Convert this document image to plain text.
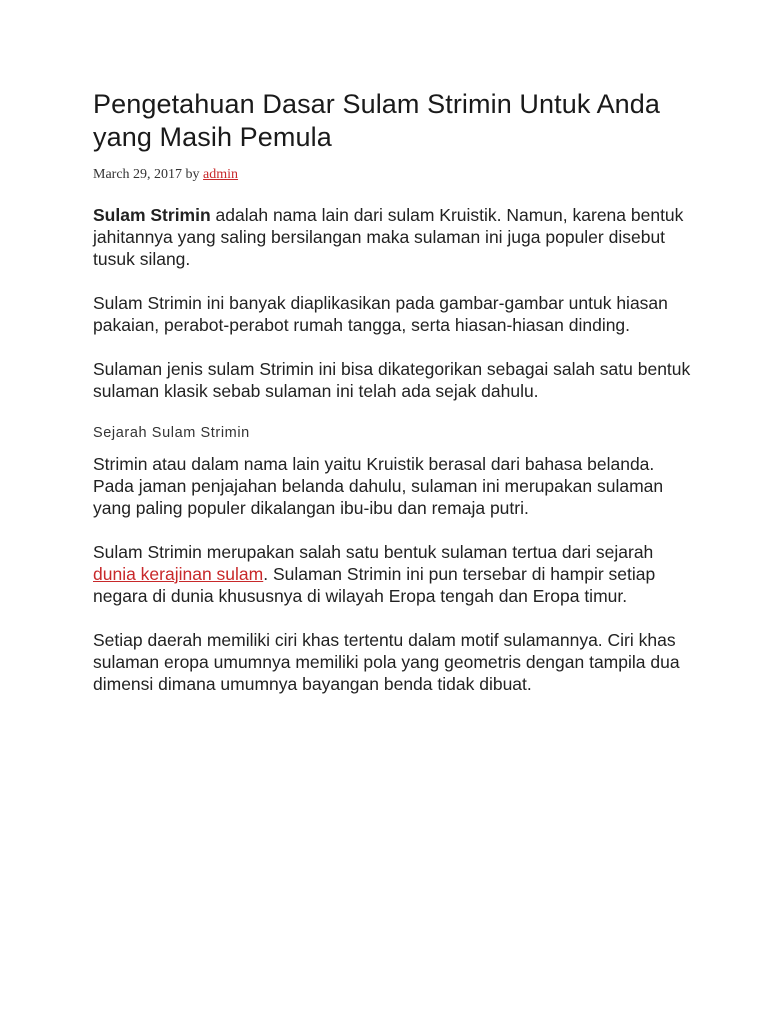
Pengetahuan Dasar Sulam Strimin Untuk Anda yang Masih Pemula
March 29, 2017 by admin

Sulam Strimin adalah nama lain dari sulam Kruistik. Namun, karena bentuk jahitannya yang saling bersilangan maka sulaman ini juga populer disebut tusuk silang.

Sulam Strimin ini banyak diaplikasikan pada gambar-gambar untuk hiasan pakaian, perabot-perabot rumah tangga, serta hiasan-hiasan dinding.

Sulaman jenis sulam Strimin ini bisa dikategorikan sebagai salah satu bentuk sulaman klasik sebab sulaman ini telah ada sejak dahulu.

Sejarah Sulam Strimin

Strimin atau dalam nama lain yaitu Kruistik berasal dari bahasa belanda. Pada jaman penjajahan belanda dahulu, sulaman ini merupakan sulaman yang paling populer dikalangan ibu-ibu dan remaja putri.

Sulam Strimin merupakan salah satu bentuk sulaman tertua dari sejarah dunia kerajinan sulam. Sulaman Strimin ini pun tersebar di hampir setiap negara di dunia khususnya di wilayah Eropa tengah dan Eropa timur.

Setiap daerah memiliki ciri khas tertentu dalam motif sulamannya. Ciri khas sulaman eropa umumnya memiliki pola yang geometris dengan tampila dua dimensi dimana umumnya bayangan benda tidak dibuat.
